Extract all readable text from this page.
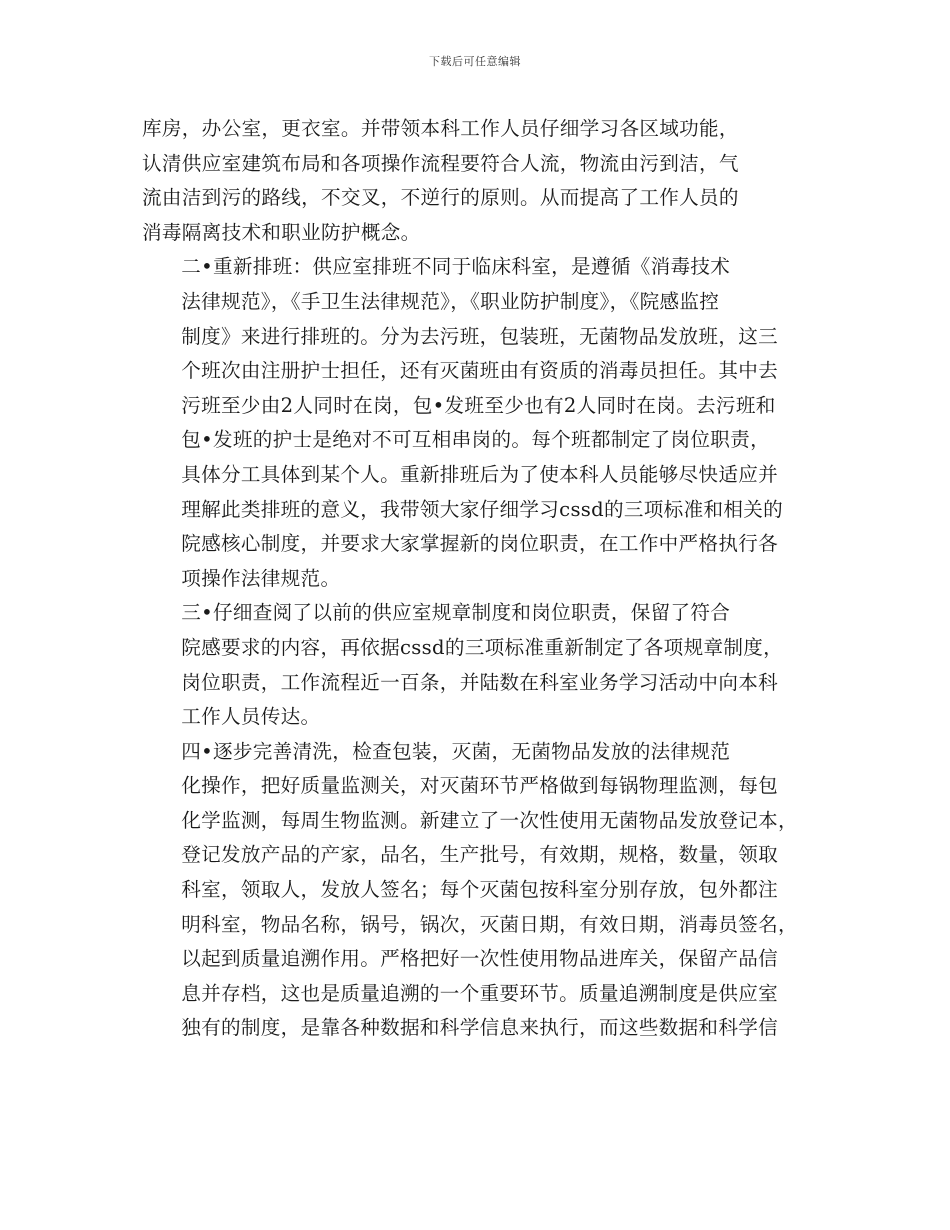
下载后可任意编辑

库房，办公室，更衣室。并带领本科工作人员仔细学习各区域功能，
认清供应室建筑布局和各项操作流程要符合人流，物流由污到洁，气
流由洁到污的路线，不交叉，不逆行的原则。从而提高了工作人员的
消毒隔离技术和职业防护概念。

二•重新排班：供应室排班不同于临床科室，是遵循《消毒技术
法律规范》，《手卫生法律规范》，《职业防护制度》，《院感监控
制度》来进行排班的。分为去污班，包装班，无菌物品发放班，这三
个班次由注册护士担任，还有灭菌班由有资质的消毒员担任。其中去
污班至少由2人同时在岗，包•发班至少也有2人同时在岗。去污班和
包•发班的护士是绝对不可互相串岗的。每个班都制定了岗位职责，
具体分工具体到某个人。重新排班后为了使本科人员能够尽快适应并
理解此类排班的意义，我带领大家仔细学习cssd的三项标准和相关的
院感核心制度，并要求大家掌握新的岗位职责，在工作中严格执行各
项操作法律规范。

三•仔细查阅了以前的供应室规章制度和岗位职责，保留了符合
院感要求的内容，再依据cssd的三项标准重新制定了各项规章制度，
岗位职责，工作流程近一百条，并陆数在科室业务学习活动中向本科
工作人员传达。

四•逐步完善清洗，检查包装，灭菌，无菌物品发放的法律规范
化操作，把好质量监测关，对灭菌环节严格做到每锅物理监测，每包
化学监测，每周生物监测。新建立了一次性使用无菌物品发放登记本，
登记发放产品的产家，品名，生产批号，有效期，规格，数量，领取
科室，领取人，发放人签名；每个灭菌包按科室分别存放，包外都注
明科室，物品名称，锅号，锅次，灭菌日期，有效日期，消毒员签名，
以起到质量追溯作用。严格把好一次性使用物品进库关，保留产品信
息并存档，这也是质量追溯的一个重要环节。质量追溯制度是供应室
独有的制度，是靠各种数据和科学信息来执行，而这些数据和科学信
